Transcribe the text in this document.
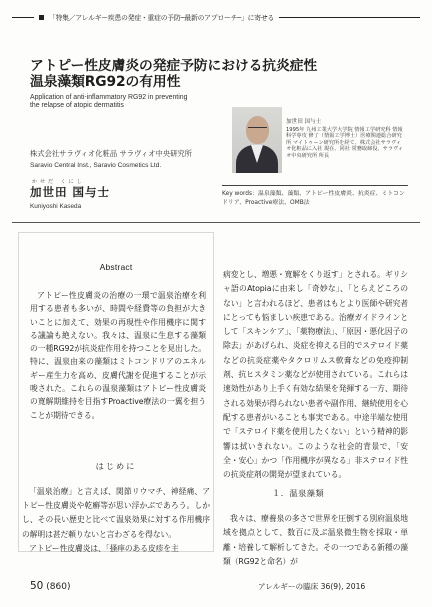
「特集／アレルギー疾患の発症・重症の予防─最新のアプローチ─」に寄せる
アトピー性皮膚炎の発症予防における抗炎症性
温泉藻類RG92の有用性
Application of anti-inflammatory RG92 in preventing
the relapse of atopic dermatitis
加世田 国与士
1995年 九州工業大学大学院 情報工学研究科 情報科学専攻 修了（情報工学博士）医療関連総合研究所 マイトゥーン研究所を経て、株式会社サラヴィオ化粧品に入社 現在、同社 常務取締役、サラヴィオ中央研究所 所長
株式会社サラヴィオ化粧品 サラヴィオ中央研究所
Saravio Central Inst., Saravio Cosmetics Ltd.
かせだ くにし
加世田 国与士
Kuniyoshi Kaseda
Key words：温泉藻類、藻類、アトピー性皮膚炎、抗炎症、ミトコンドリア、Proactive療法、OMB法
Abstract

アトピー性皮膚炎の治療の一環で温泉治療を利用する患者も多いが、時間や経費等の負担が大きいことに加えて、効果の再現性や作用機序に関する議論も絶えない。我々は、温泉に生息する藻類の一種RG92が抗炎症作用を持つことを見出した。特に、温泉由来の藻類はミトコンドリアのエネルギー産生力を高め、皮膚代謝を促進することが示唆された。これらの温泉藻類はアトピー性皮膚炎の寛解期維持を目指すProactive療法の一翼を担うことが期待できる。

はじめに

「温泉治療」と言えば、関節リウマチ、神経痛、アトピー性皮膚炎や乾癬等が思い浮かぶであろう。しかし、その長い歴史と比べて温泉効果に対する作用機序の解明は甚だ頼りないと言わざるを得ない。

アトピー性皮膚炎は、「搔痒のある皮疹を主

病変とし、増悪・寛解をくり返す」とされる。ギリシャ語のAtopiaに由来し「奇妙な」、「とらえどころのない」と言われるほど、患者はもとより医師や研究者にとっても悩ましい疾患である。治療ガイドラインとして「スキンケア」、「薬物療法」、「原因・悪化因子の除去」があげられ、炎症を抑える目的でステロイド薬などの抗炎症薬やタクロリムス軟膏などの免疫抑制剤、抗ヒスタミン薬などが使用されている。これらは速効性があり上手く有効な結果を発揮する一方、期待される効果が得られない患者や副作用、継続使用を心配する患者がいることも事実である。中途半端な使用で「ステロイド薬を使用したくない」という精神的影響は拭いきれない。このような社会的背景で、「安全・安心」かつ「作用機序が異なる」非ステロイド性の抗炎症剤の開発が望まれている。

１．温泉藻類

我々は、療養泉の多さで世界を圧倒する別府温泉地域を拠点として、数百に及ぶ温泉微生物を採取・単離・培養して解析してきた。その一つである新種の藻類（RG92と命名）が

50 (860)	アレルギーの臨床 36(9), 2016
